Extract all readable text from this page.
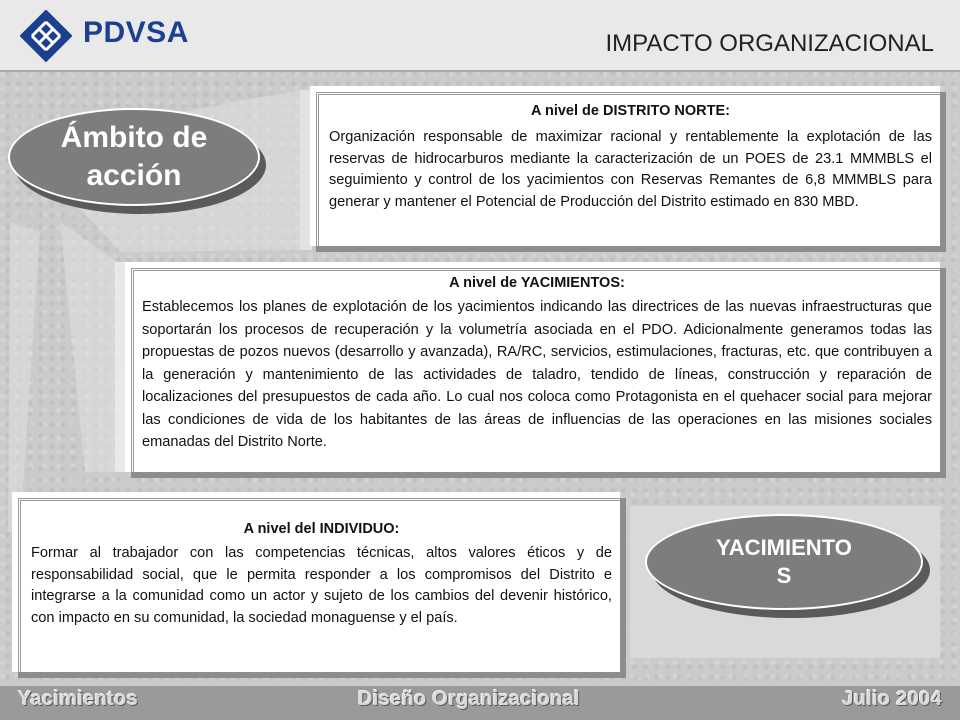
PDVSA	IMPACTO ORGANIZACIONAL
Ámbito de
acción
A nivel de DISTRITO NORTE:
Organización responsable de maximizar racional y rentablemente la explotación de las reservas de hidrocarburos mediante la caracterización de un POES de 23.1 MMMBLS el seguimiento y control de los yacimientos con Reservas Remantes de 6,8 MMMBLS para generar y mantener el Potencial de Producción del Distrito estimado en 830 MBD.
A nivel de YACIMIENTOS:
Establecemos los planes de explotación de los yacimientos indicando las directrices de las nuevas infraestructuras que soportarán los procesos de recuperación y la volumetría asociada en el PDO. Adicionalmente generamos todas las propuestas de pozos nuevos (desarrollo y avanzada), RA/RC, servicios, estimulaciones, fracturas, etc. que contribuyen a la generación y mantenimiento de las actividades de taladro, tendido de líneas, construcción y reparación de localizaciones del presupuestos de cada año. Lo cual nos coloca como Protagonista en el quehacer social para mejorar las condiciones de vida de los habitantes de las áreas de influencias de las operaciones en las misiones sociales emanadas del Distrito Norte.
A nivel del INDIVIDUO:
Formar al trabajador con las competencias técnicas, altos valores éticos y de responsabilidad social, que le permita responder a los compromisos del Distrito e integrarse a la comunidad como un actor y sujeto de los cambios del devenir histórico, con impacto en su comunidad, la sociedad monaguense y el país.
YACIMIENTO
S
Yacimientos	Diseño Organizacional	Julio 2004
